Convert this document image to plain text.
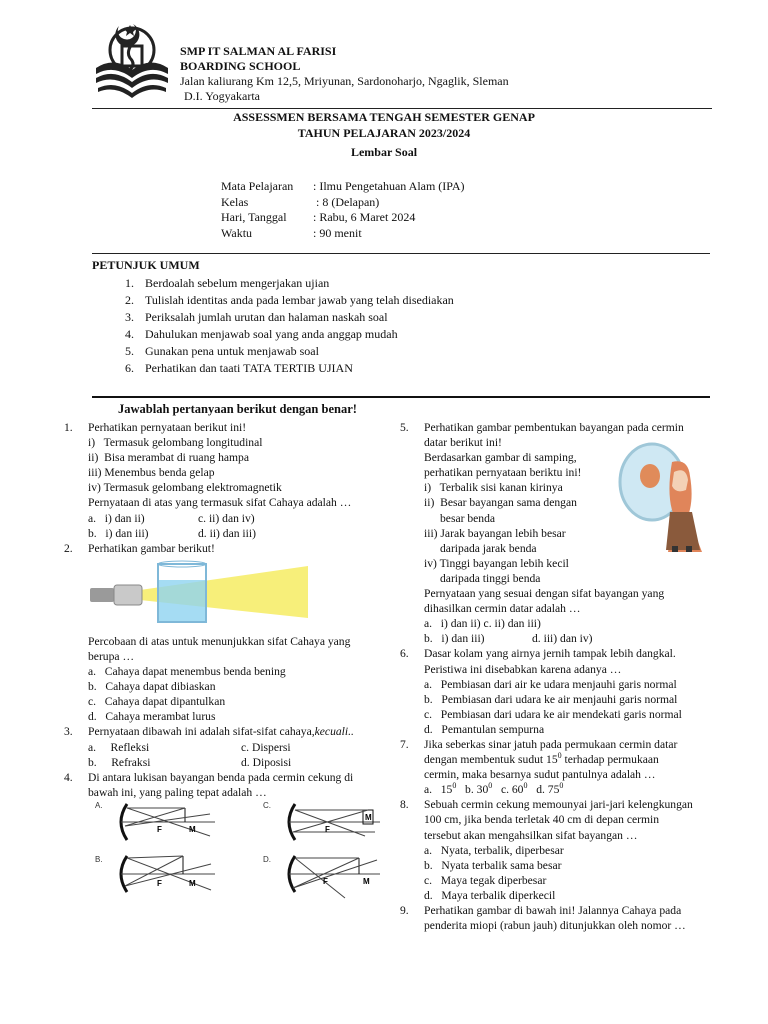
SMP IT SALMAN AL FARISI
BOARDING SCHOOL
Jalan kaliurang Km 12,5, Mriyunan, Sardonoharjo, Ngaglik, Sleman
D.I. Yogyakarta
ASSESSMEN BERSAMA TENGAH SEMESTER GENAP
TAHUN PELAJARAN 2023/2024
Lembar Soal
Mata Pelajaran	: Ilmu Pengetahuan Alam (IPA)
Kelas	: 8 (Delapan)
Hari, Tanggal	: Rabu, 6 Maret 2024
Waktu	: 90 menit
PETUNJUK UMUM
1. Berdoalah sebelum mengerjakan ujian
2. Tulislah identitas anda pada lembar jawab yang telah disediakan
3. Periksalah jumlah urutan dan halaman naskah soal
4. Dahulukan menjawab soal yang anda anggap mudah
5. Gunakan pena untuk menjawab soal
6. Perhatikan dan taati TATA TERTIB UJIAN
Jawablah pertanyaan berikut dengan benar!
1.	Perhatikan pernyataan berikut ini!
i)   Termasuk gelombang longitudinal
ii)  Bisa merambat di ruang hampa
iii) Menembus benda gelap
iv) Termasuk gelombang elektromagnetik
Pernyataan di atas yang termasuk sifat Cahaya adalah …
a.   i) dan ii)	c. ii) dan iv)
b.   i) dan iii)	d. ii) dan iii)
2.	Perhatikan gambar berikut!
Percobaan di atas untuk menunjukkan sifat Cahaya yang
berupa …
a.   Cahaya dapat menembus benda bening
b.   Cahaya dapat dibiaskan
c.   Cahaya dapat dipantulkan
d.   Cahaya merambat lurus
3.	Pernyataan dibawah ini adalah sifat-sifat cahaya,kecuali..
a.     Refleksi	c. Dispersi
b.     Refraksi	d. Diposisi
4.	Di antara lukisan bayangan benda pada cermin cekung di
bawah ini, yang paling tepat adalah …
A.
F	M
C.
F
M
B.
F	M
D.
F	M
5.	Perhatikan gambar pembentukan bayangan pada cermin
datar berikut ini!
Berdasarkan gambar di samping,
perhatikan pernyataan beriktu ini!
i)   Terbalik sisi kanan kirinya
ii)  Besar bayangan sama dengan
besar benda
iii) Jarak bayangan lebih besar
daripada jarak benda
iv) Tinggi bayangan lebih kecil
daripada tinggi benda
Pernyataan yang sesuai dengan sifat bayangan yang
dihasilkan cermin datar adalah …
a.   i) dan ii) c. ii) dan iii)
b.   i) dan iii)	d. iii) dan iv)
6.	Dasar kolam yang airnya jernih tampak lebih dangkal.
Peristiwa ini disebabkan karena adanya …
a.   Pembiasan dari air ke udara menjauhi garis normal
b.   Pembiasan dari udara ke air menjauhi garis normal
c.   Pembiasan dari udara ke air mendekati garis normal
d.   Pemantulan sempurna
7.	Jika seberkas sinar jatuh pada permukaan cermin datar
dengan membentuk sudut $15^0$ terhadap permukaan
cermin, maka besarnya sudut pantulnya adalah …
a.   $15^0$ b. $30^0$ c. $60^0$ d. $75^0$
8.	Sebuah cermin cekung memounyai jari-jari kelengkungan
100 cm, jika benda terletak 40 cm di depan cermin
tersebut akan mengahsilkan sifat bayangan …
a.   Nyata, terbalik, diperbesar
b.   Nyata terbalik sama besar
c.   Maya tegak diperbesar
d.   Maya terbalik diperkecil
9.	Perhatikan gambar di bawah ini! Jalannya Cahaya pada
penderita miopi (rabun jauh) ditunjukkan oleh nomor …
